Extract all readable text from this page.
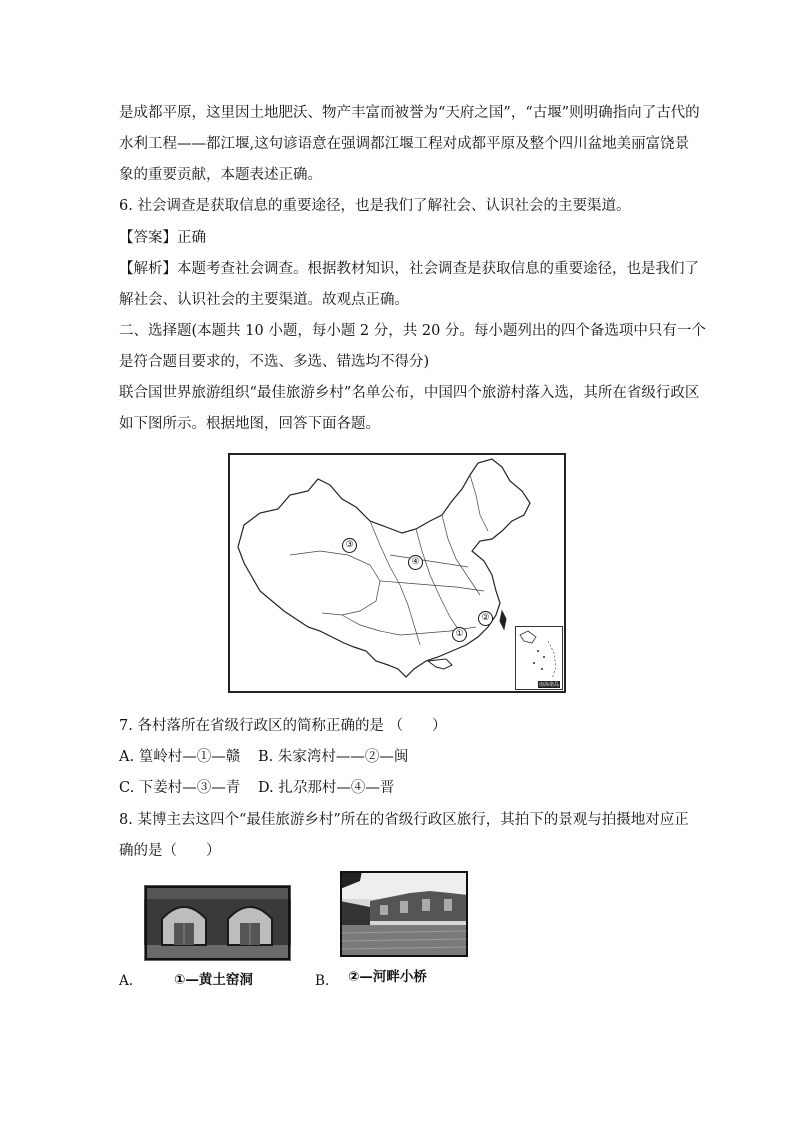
是成都平原，这里因土地肥沃、物产丰富而被誉为“天府之国”，“古堰”则明确指向了古代的
水利工程——都江堰,这句谚语意在强调都江堰工程对成都平原及整个四川盆地美丽富饶景
象的重要贡献，本题表述正确。
6. 社会调查是获取信息的重要途径，也是我们了解社会、认识社会的主要渠道。
【答案】正确
【解析】本题考查社会调查。根据教材知识，社会调查是获取信息的重要途径，也是我们了
解社会、认识社会的主要渠道。故观点正确。
二、选择题(本题共 10 小题，每小题 2 分，共 20 分。每小题列出的四个备选项中只有一个
是符合题目要求的，不选、多选、错选均不得分)
联合国世界旅游组织“最佳旅游乡村”名单公布，中国四个旅游村落入选，其所在省级行政区
如下图所示。根据地图，回答下面各题。
③
④
②
①
南海诸岛
7. 各村落所在省级行政区的简称正确的是 （　　）
A. 篁岭村—①—赣 B. 朱家湾村——②—闽
C. 下姜村—③—青 D. 扎尕那村—④—晋
8. 某博主去这四个“最佳旅游乡村”所在的省级行政区旅行，其拍下的景观与拍摄地对应正
确的是（　　）
A.	①—黄土窑洞	B. ②—河畔小桥
